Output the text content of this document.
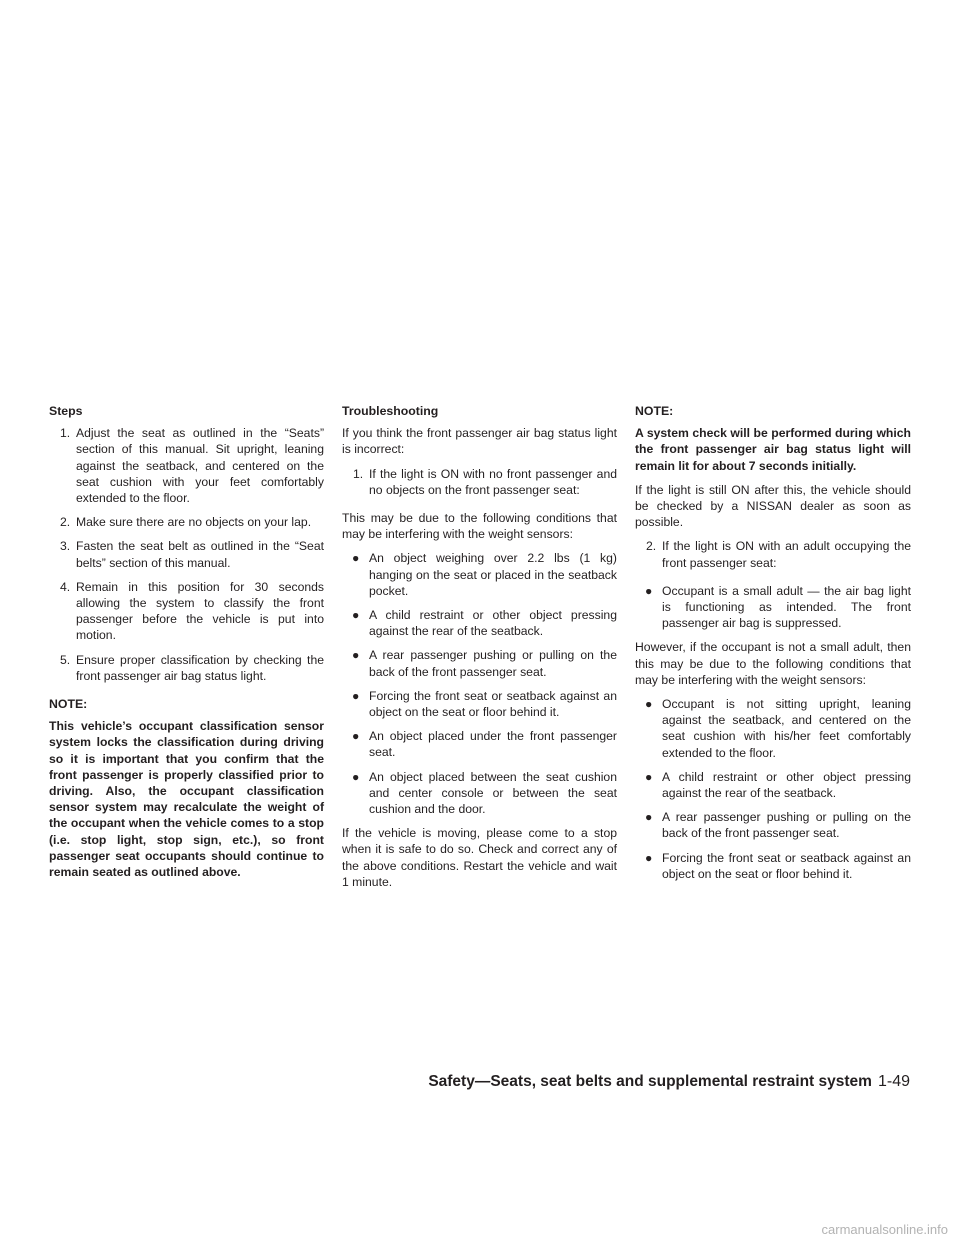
Steps
1. Adjust the seat as outlined in the “Seats” section of this manual. Sit upright, leaning against the seatback, and centered on the seat cushion with your feet comfortably extended to the floor.
2. Make sure there are no objects on your lap.
3. Fasten the seat belt as outlined in the “Seat belts” section of this manual.
4. Remain in this position for 30 seconds allowing the system to classify the front passenger before the vehicle is put into motion.
5. Ensure proper classification by checking the front passenger air bag status light.
NOTE:
This vehicle’s occupant classification sensor system locks the classification during driving so it is important that you confirm that the front passenger is properly classified prior to driving. Also, the occupant classification sensor system may recalculate the weight of the occupant when the vehicle comes to a stop (i.e. stop light, stop sign, etc.), so front passenger seat occupants should continue to remain seated as outlined above.
Troubleshooting

If you think the front passenger air bag status light is incorrect:

1. If the light is ON with no front passenger and no objects on the front passenger seat:

This may be due to the following conditions that may be interfering with the weight sensors:

● An object weighing over 2.2 lbs (1 kg) hanging on the seat or placed in the seatback pocket.
● A child restraint or other object pressing against the rear of the seatback.
● A rear passenger pushing or pulling on the back of the front passenger seat.
● Forcing the front seat or seatback against an object on the seat or floor behind it.
● An object placed under the front passenger seat.
● An object placed between the seat cushion and center console or between the seat cushion and the door.

If the vehicle is moving, please come to a stop when it is safe to do so. Check and correct any of the above conditions. Restart the vehicle and wait 1 minute.

NOTE:
A system check will be performed during which the front passenger air bag status light will remain lit for about 7 seconds initially.

If the light is still ON after this, the vehicle should be checked by a NISSAN dealer as soon as possible.

2. If the light is ON with an adult occupying the front passenger seat:
● Occupant is a small adult — the air bag light is functioning as intended. The front passenger air bag is suppressed.

However, if the occupant is not a small adult, then this may be due to the following conditions that may be interfering with the weight sensors:

● Occupant is not sitting upright, leaning against the seatback, and centered on the seat cushion with his/her feet comfortably extended to the floor.
● A child restraint or other object pressing against the rear of the seatback.
● A rear passenger pushing or pulling on the back of the front passenger seat.
● Forcing the front seat or seatback against an object on the seat or floor behind it.
Safety—Seats, seat belts and supplemental restraint system 1-49
carmanualsonline.info
